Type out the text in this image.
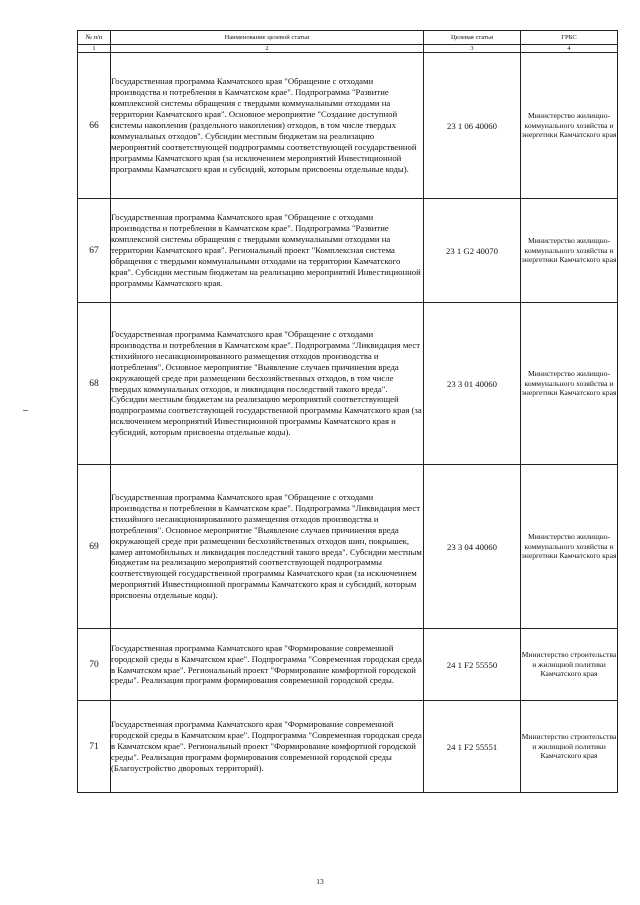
№ п/п	Наименование целевой статьи	Целевая статья	ГРБС
1	2	3	4
66	Государственная программа Камчатского края "Обращение с отходами производства и потребления в Камчатском крае". Подпрограмма "Развитие комплексной системы обращения с твердыми коммунальными отходами на территории Камчатского края". Основное мероприятие "Создание доступной системы накопления (раздельного накопления) отходов, в том числе твердых коммунальных отходов". Субсидии местным бюджетам на реализацию мероприятий соответствующей подпрограммы соответствующей государственной программы Камчатского края (за исключением мероприятий Инвестиционной программы Камчатского края и субсидий, которым присвоены отдельные коды).	23 1 06 40060	Министерство жилищно-коммунального хозяйства и энергетики Камчатского края
67	Государственная программа Камчатского края "Обращение с отходами производства и потребления в Камчатском крае". Подпрограмма "Развитие комплексной системы обращения с твердыми коммунальными отходами на территории Камчатского края". Региональный проект "Комплексная система обращения с твердыми коммунальными отходами на территории Камчатского края". Субсидии местным бюджетам на реализацию мероприятий Инвестиционной программы Камчатского края.	23 1 G2 40070	Министерство жилищно-коммунального хозяйства и энергетики Камчатского края
68	Государственная программа Камчатского края "Обращение с отходами производства и потребления в Камчатском крае". Подпрограмма "Ликвидация мест стихийного несанкционированного размещения отходов производства и потребления". Основное мероприятие "Выявление случаев причинения вреда окружающей среде при размещении бесхозяйственных отходов, в том числе твердых коммунальных отходов, и ликвидация последствий такого вреда". Субсидии местным бюджетам на реализацию мероприятий соответствующей подпрограммы соответствующей государственной программы Камчатского края (за исключением мероприятий Инвестиционной программы Камчатского края и субсидий, которым присвоены отдельные коды).	23 3 01 40060	Министерство жилищно-коммунального хозяйства и энергетики Камчатского края
69	Государственная программа Камчатского края "Обращение с отходами производства и потребления в Камчатском крае". Подпрограмма "Ликвидация мест стихийного несанкционированного размещения отходов производства и потребления". Основное мероприятие "Выявление случаев причинения вреда окружающей среде при размещении бесхозяйственных отходов шин, покрышек, камер автомобильных и ликвидация последствий такого вреда". Субсидии местным бюджетам на реализацию мероприятий соответствующей подпрограммы соответствующей государственной программы Камчатского края (за исключением мероприятий Инвестиционной программы Камчатского края и субсидий, которым присвоены отдельные коды).	23 3 04 40060	Министерство жилищно-коммунального хозяйства и энергетики Камчатского края
70	Государственная программа Камчатского края "Формирование современной городской среды в Камчатском крае". Подпрограмма "Современная городская среда в Камчатском крае". Региональный проект "Формирование комфортной городской среды". Реализация программ формирования современной городской среды.	24 1 F2 55550	Министерство строительства и жилищной политики Камчатского края
71	Государственная программа Камчатского края "Формирование современной городской среды в Камчатском крае". Подпрограмма "Современная городская среда в Камчатском крае". Региональный проект "Формирование комфортной городской среды". Реализация программ формирования современной городской среды (Благоустройство дворовых территорий).	24 1 F2 55551	Министерство строительства и жилищной политики Камчатского края
13
